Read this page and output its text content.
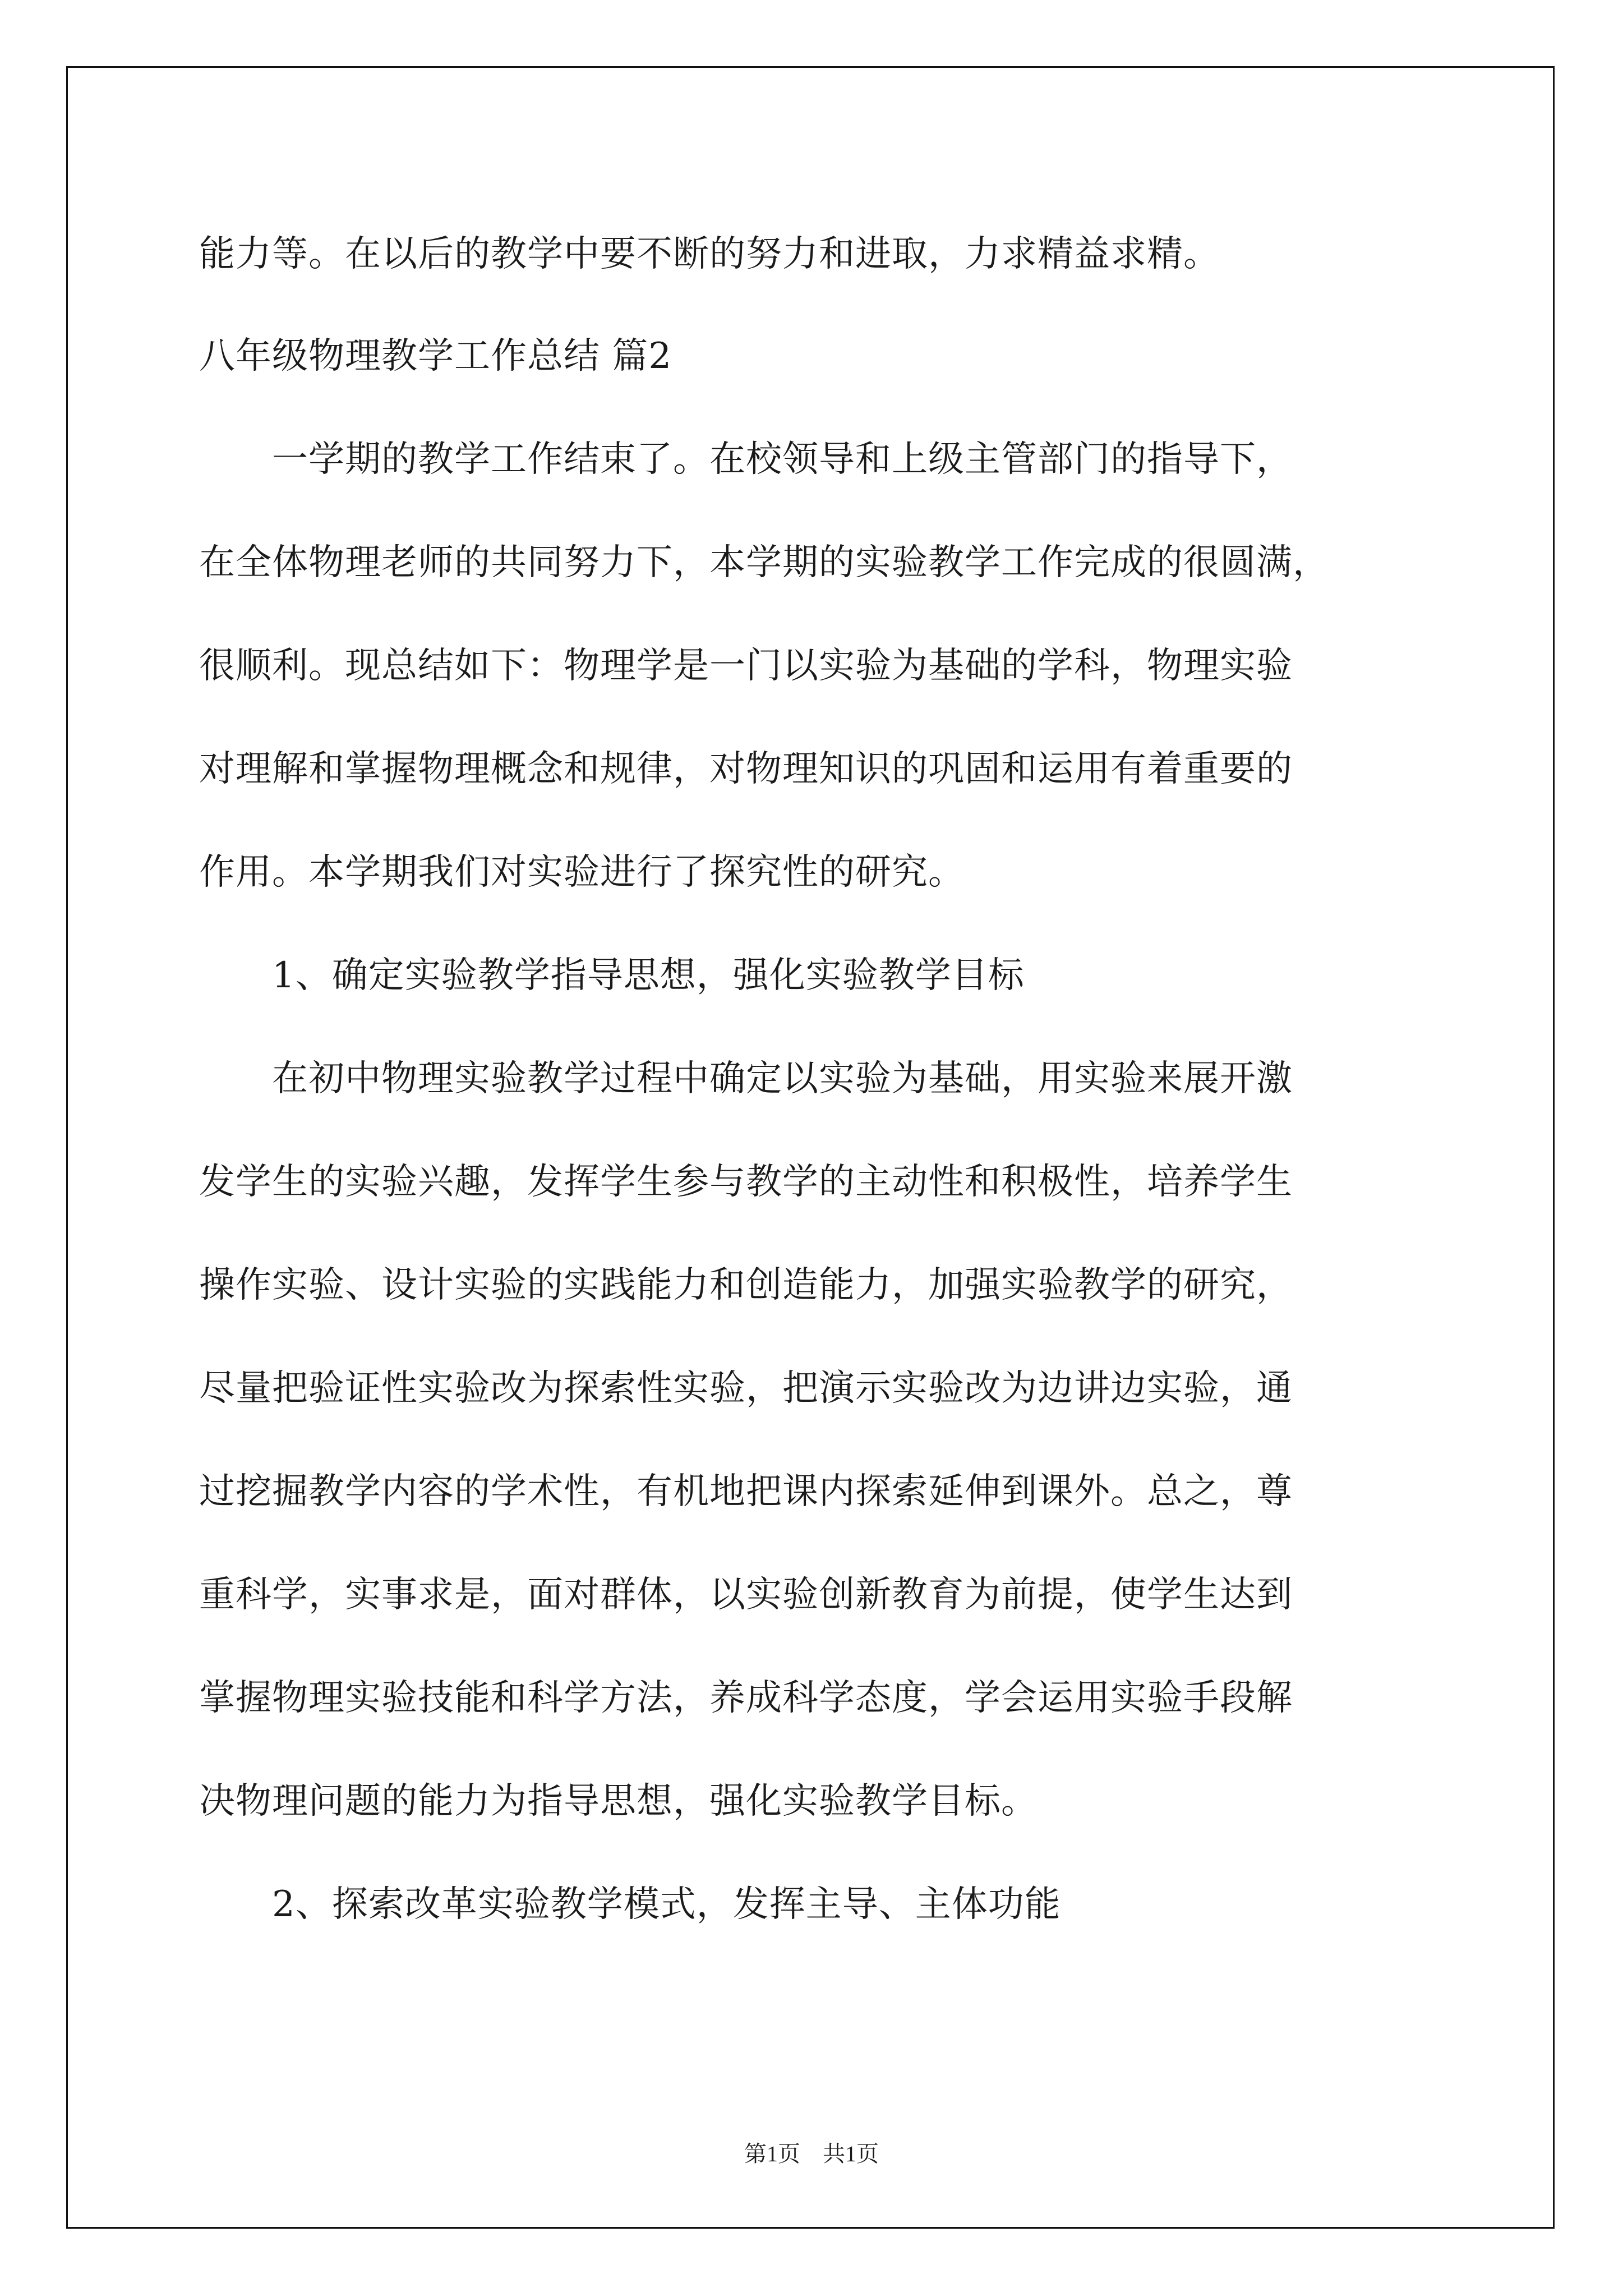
能力等。在以后的教学中要不断的努力和进取，力求精益求精。
八年级物理教学工作总结 篇2
一学期的教学工作结束了。在校领导和上级主管部门的指导下，
在全体物理老师的共同努力下，本学期的实验教学工作完成的很圆满，
很顺利。现总结如下：物理学是一门以实验为基础的学科，物理实验
对理解和掌握物理概念和规律，对物理知识的巩固和运用有着重要的
作用。本学期我们对实验进行了探究性的研究。
1、确定实验教学指导思想，强化实验教学目标
在初中物理实验教学过程中确定以实验为基础，用实验来展开激
发学生的实验兴趣，发挥学生参与教学的主动性和积极性，培养学生
操作实验、设计实验的实践能力和创造能力，加强实验教学的研究，
尽量把验证性实验改为探索性实验，把演示实验改为边讲边实验，通
过挖掘教学内容的学术性，有机地把课内探索延伸到课外。总之，尊
重科学，实事求是，面对群体，以实验创新教育为前提，使学生达到
掌握物理实验技能和科学方法，养成科学态度，学会运用实验手段解
决物理问题的能力为指导思想，强化实验教学目标。
2、探索改革实验教学模式，发挥主导、主体功能
第1页 共1页
